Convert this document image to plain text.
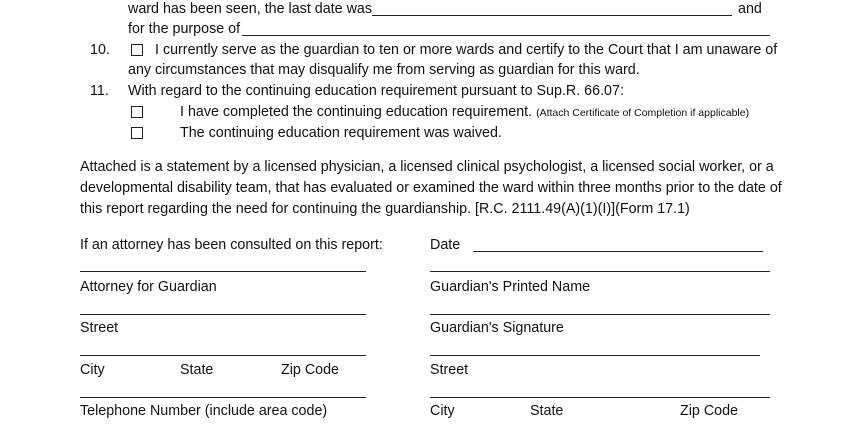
ward has been seen, the last date was	and
for the purpose of
10.	I currently serve as the guardian to ten or more wards and certify to the Court that I am unaware of
any circumstances that may disqualify me from serving as guardian for this ward.
11. With regard to the continuing education requirement pursuant to Sup.R. 66.07:
I have completed the continuing education requirement. (Attach Certificate of Completion if applicable)
The continuing education requirement was waived.
Attached is a statement by a licensed physician, a licensed clinical psychologist, a licensed social worker, or a
developmental disability team, that has evaluated or examined the ward within three months prior to the date of
this report regarding the need for continuing the guardianship. [R.C. 2111.49(A)(1)(I)](Form 17.1)
If an attorney has been consulted on this report:
Attorney for Guardian
Street
City	State	Zip Code
Telephone Number (include area code)
Date
Guardian's Printed Name
Guardian's Signature
Street
City	State	Zip Code
